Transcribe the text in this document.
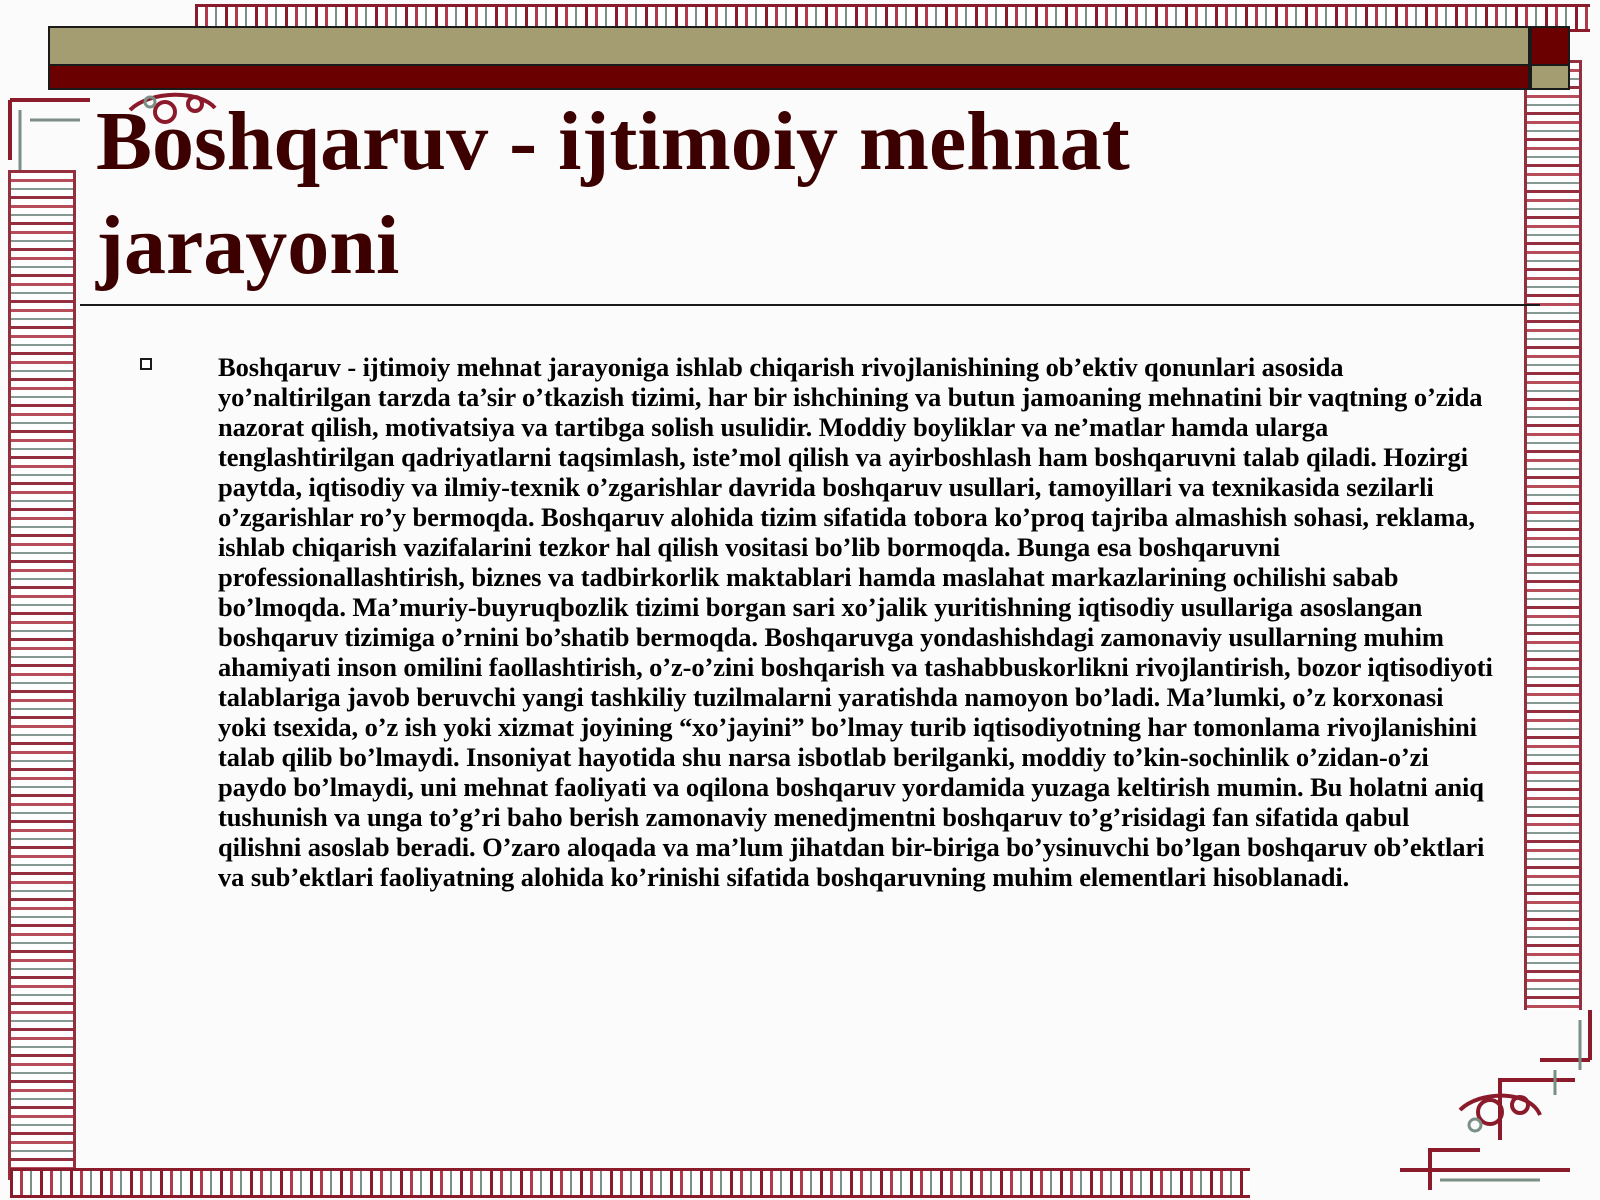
Boshqaruv - ijtimoiy mehnat jarayoni
Boshqaruv - ijtimoiy mehnat jarayoniga ishlab chiqarish rivojlanishining ob’ektiv qonunlari asosida yo’naltirilgan tarzda ta’sir o’tkazish tizimi, har bir ishchining va butun jamoaning mehnatini bir vaqtning o’zida nazorat qilish, motivatsiya va tartibga solish usulidir. Moddiy boyliklar va ne’matlar hamda ularga tenglashtirilgan qadriyatlarni taqsimlash, iste’mol qilish va ayirboshlash ham boshqaruvni talab qiladi. Hozirgi paytda, iqtisodiy va ilmiy-texnik o’zgarishlar davrida boshqaruv usullari, tamoyillari va texnikasida sezilarli o’zgarishlar ro’y bermoqda. Boshqaruv alohida tizim sifatida tobora ko’proq tajriba almashish sohasi, reklama, ishlab chiqarish vazifalarini tezkor hal qilish vositasi bo’lib bormoqda. Bunga esa boshqaruvni professionallashtirish, biznes va tadbirkorlik maktablari hamda maslahat markazlarining ochilishi sabab bo’lmoqda. Ma’muriy-buyruqbozlik tizimi borgan sari xo’jalik yuritishning iqtisodiy usullariga asoslangan boshqaruv tizimiga o’rnini bo’shatib bermoqda. Boshqaruvga yondashishdagi zamonaviy usullarning muhim ahamiyati inson omilini faollashtirish, o’z-o’zini boshqarish va tashabbuskorlikni rivojlantirish, bozor iqtisodiyoti talablariga javob beruvchi yangi tashkiliy tuzilmalarni yaratishda namoyon bo’ladi. Ma’lumki, o’z korxonasi yoki tsexida, o’z ish yoki xizmat joyining “xo’jayini” bo’lmay turib iqtisodiyotning har tomonlama rivojlanishini talab qilib bo’lmaydi. Insoniyat hayotida shu narsa isbotlab berilganki, moddiy to’kin-sochinlik o’zidan-o’zi paydo bo’lmaydi, uni mehnat faoliyati va oqilona boshqaruv yordamida yuzaga keltirish mumin. Bu holatni aniq tushunish va unga to’g’ri baho berish zamonaviy menedjmentni boshqaruv to’g’risidagi fan sifatida qabul qilishni asoslab beradi. O’zaro aloqada va ma’lum jihatdan bir-biriga bo’ysinuvchi bo’lgan boshqaruv ob’ektlari va sub’ektlari faoliyatning alohida ko’rinishi sifatida boshqaruvning muhim elementlari hisoblanadi.
